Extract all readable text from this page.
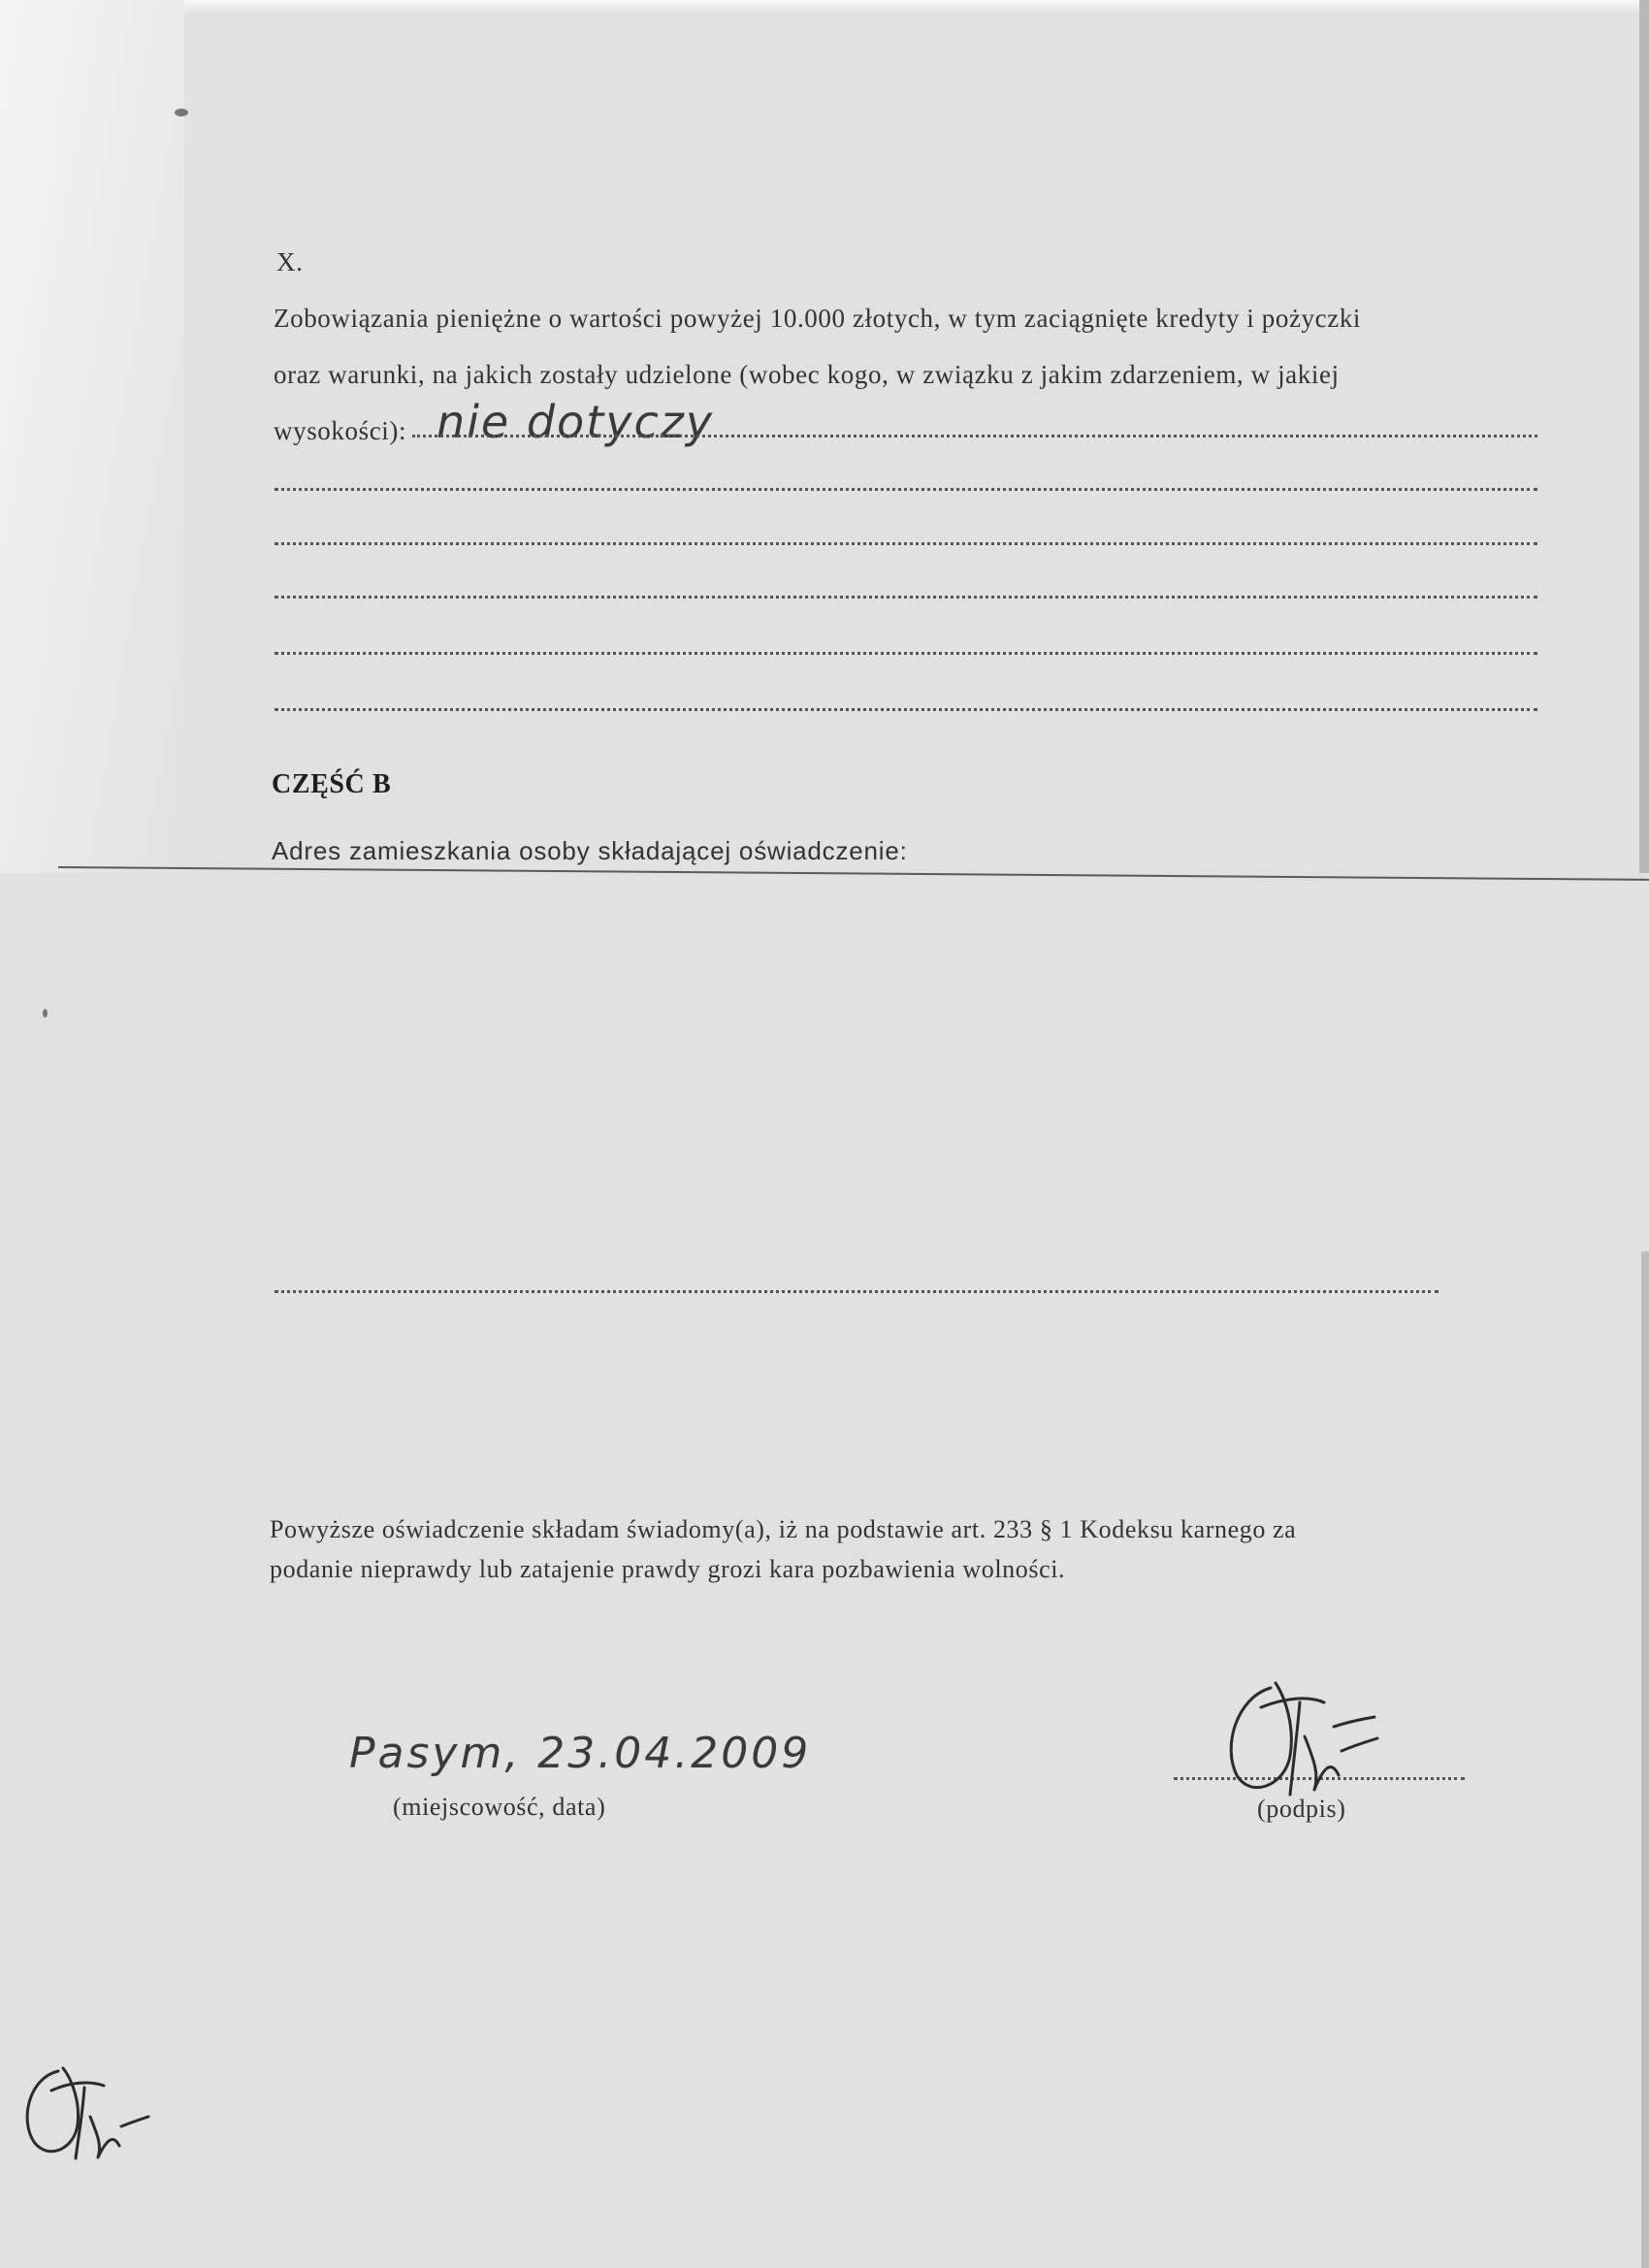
X.
Zobowiązania pieniężne o wartości powyżej 10.000 złotych, w tym zaciągnięte kredyty i pożyczki
oraz warunki, na jakich zostały udzielone (wobec kogo, w związku z jakim zdarzeniem, w jakiej
wysokości): nie dotyczy
CZĘŚĆ B
Adres zamieszkania osoby składającej oświadczenie:
Powyższe oświadczenie składam świadomy(a), iż na podstawie art. 233 § 1 Kodeksu karnego za
podanie nieprawdy lub zatajenie prawdy grozi kara pozbawienia wolności.
Pasym, 23.04.2009
(miejscowość, data)	(podpis)
